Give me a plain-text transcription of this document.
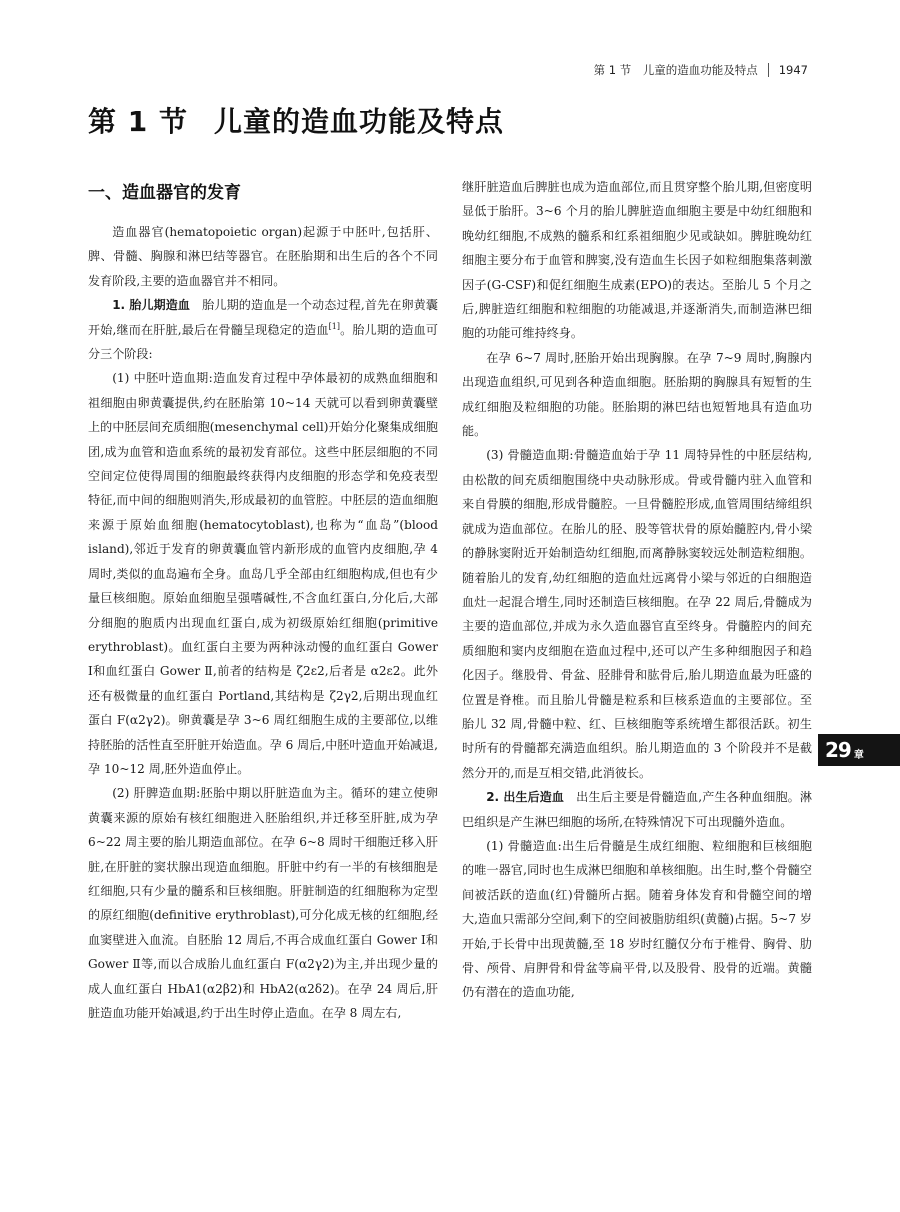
第 1 节　儿童的造血功能及特点 1947
第 1 节 儿童的造血功能及特点
一、造血器官的发育

造血器官(hematopoietic organ)起源于中胚叶,包括肝、脾、骨髓、胸腺和淋巴结等器官。在胚胎期和出生后的各个不同发育阶段,主要的造血器官并不相同。

1. 胎儿期造血　胎儿期的造血是一个动态过程,首先在卵黄囊开始,继而在肝脏,最后在骨髓呈现稳定的造血[1]。胎儿期的造血可分三个阶段:

(1) 中胚叶造血期:造血发育过程中孕体最初的成熟血细胞和祖细胞由卵黄囊提供,约在胚胎第 10~14 天就可以看到卵黄囊壁上的中胚层间充质细胞(mesenchymal cell)开始分化聚集成细胞团,成为血管和造血系统的最初发育部位。这些中胚层细胞的不同空间定位使得周围的细胞最终获得内皮细胞的形态学和免疫表型特征,而中间的细胞则消失,形成最初的血管腔。中胚层的造血细胞来源于原始血细胞(hematocytoblast),也称为“血岛”(blood island),邻近于发育的卵黄囊血管内新形成的血管内皮细胞,孕 4 周时,类似的血岛遍布全身。血岛几乎全部由红细胞构成,但也有少量巨核细胞。原始血细胞呈强嗜碱性,不含血红蛋白,分化后,大部分细胞的胞质内出现血红蛋白,成为初级原始红细胞(primitive erythroblast)。血红蛋白主要为两种泳动慢的血红蛋白 Gower Ⅰ和血红蛋白 Gower Ⅱ,前者的结构是 ζ2ε2,后者是 α2ε2。此外还有极微量的血红蛋白 Portland,其结构是 ζ2γ2,后期出现血红蛋白 F(α2γ2)。卵黄囊是孕 3~6 周红细胞生成的主要部位,以维持胚胎的活性直至肝脏开始造血。孕 6 周后,中胚叶造血开始减退,孕 10~12 周,胚外造血停止。

(2) 肝脾造血期:胚胎中期以肝脏造血为主。循环的建立使卵黄囊来源的原始有核红细胞进入胚胎组织,并迁移至肝脏,成为孕 6~22 周主要的胎儿期造血部位。在孕 6~8 周时干细胞迁移入肝脏,在肝脏的窦状腺出现造血细胞。肝脏中约有一半的有核细胞是红细胞,只有少量的髓系和巨核细胞。肝脏制造的红细胞称为定型的原红细胞(definitive erythroblast),可分化成无核的红细胞,经血窦壁进入血流。自胚胎 12 周后,不再合成血红蛋白 Gower Ⅰ和 Gower Ⅱ等,而以合成胎儿血红蛋白 F(α2γ2)为主,并出现少量的成人血红蛋白 HbA1(α2β2)和 HbA2(α2δ2)。在孕 24 周后,肝脏造血功能开始减退,约于出生时停止造血。在孕 8 周左右,

继肝脏造血后脾脏也成为造血部位,而且贯穿整个胎儿期,但密度明显低于胎肝。3~6 个月的胎儿脾脏造血细胞主要是中幼红细胞和晚幼红细胞,不成熟的髓系和红系祖细胞少见或缺如。脾脏晚幼红细胞主要分布于血管和脾窦,没有造血生长因子如粒细胞集落刺激因子(G-CSF)和促红细胞生成素(EPO)的表达。至胎儿 5 个月之后,脾脏造红细胞和粒细胞的功能减退,并逐渐消失,而制造淋巴细胞的功能可维持终身。

在孕 6~7 周时,胚胎开始出现胸腺。在孕 7~9 周时,胸腺内出现造血组织,可见到各种造血细胞。胚胎期的胸腺具有短暂的生成红细胞及粒细胞的功能。胚胎期的淋巴结也短暂地具有造血功能。

(3) 骨髓造血期:骨髓造血始于孕 11 周特异性的中胚层结构,由松散的间充质细胞围绕中央动脉形成。骨或骨髓内驻入血管和来自骨膜的细胞,形成骨髓腔。一旦骨髓腔形成,血管周围结缔组织就成为造血部位。在胎儿的胫、股等管状骨的原始髓腔内,骨小梁的静脉窦附近开始制造幼红细胞,而离静脉窦较远处制造粒细胞。随着胎儿的发育,幼红细胞的造血灶远离骨小梁与邻近的白细胞造血灶一起混合增生,同时还制造巨核细胞。在孕 22 周后,骨髓成为主要的造血部位,并成为永久造血器官直至终身。骨髓腔内的间充质细胞和窦内皮细胞在造血过程中,还可以产生多种细胞因子和趋化因子。继股骨、骨盆、胫腓骨和肱骨后,胎儿期造血最为旺盛的位置是脊椎。而且胎儿骨髓是粒系和巨核系造血的主要部位。至胎儿 32 周,骨髓中粒、红、巨核细胞等系统增生都很活跃。初生时所有的骨髓都充满造血组织。胎儿期造血的 3 个阶段并不是截然分开的,而是互相交错,此消彼长。

2. 出生后造血　出生后主要是骨髓造血,产生各种血细胞。淋巴组织是产生淋巴细胞的场所,在特殊情况下可出现髓外造血。

(1) 骨髓造血:出生后骨髓是生成红细胞、粒细胞和巨核细胞的唯一器官,同时也生成淋巴细胞和单核细胞。出生时,整个骨髓空间被活跃的造血(红)骨髓所占据。随着身体发育和骨髓空间的增大,造血只需部分空间,剩下的空间被脂肪组织(黄髓)占据。5~7 岁开始,于长骨中出现黄髓,至 18 岁时红髓仅分布于椎骨、胸骨、肋骨、颅骨、肩胛骨和骨盆等扁平骨,以及股骨、股骨的近端。黄髓仍有潜在的造血功能,

29 章
